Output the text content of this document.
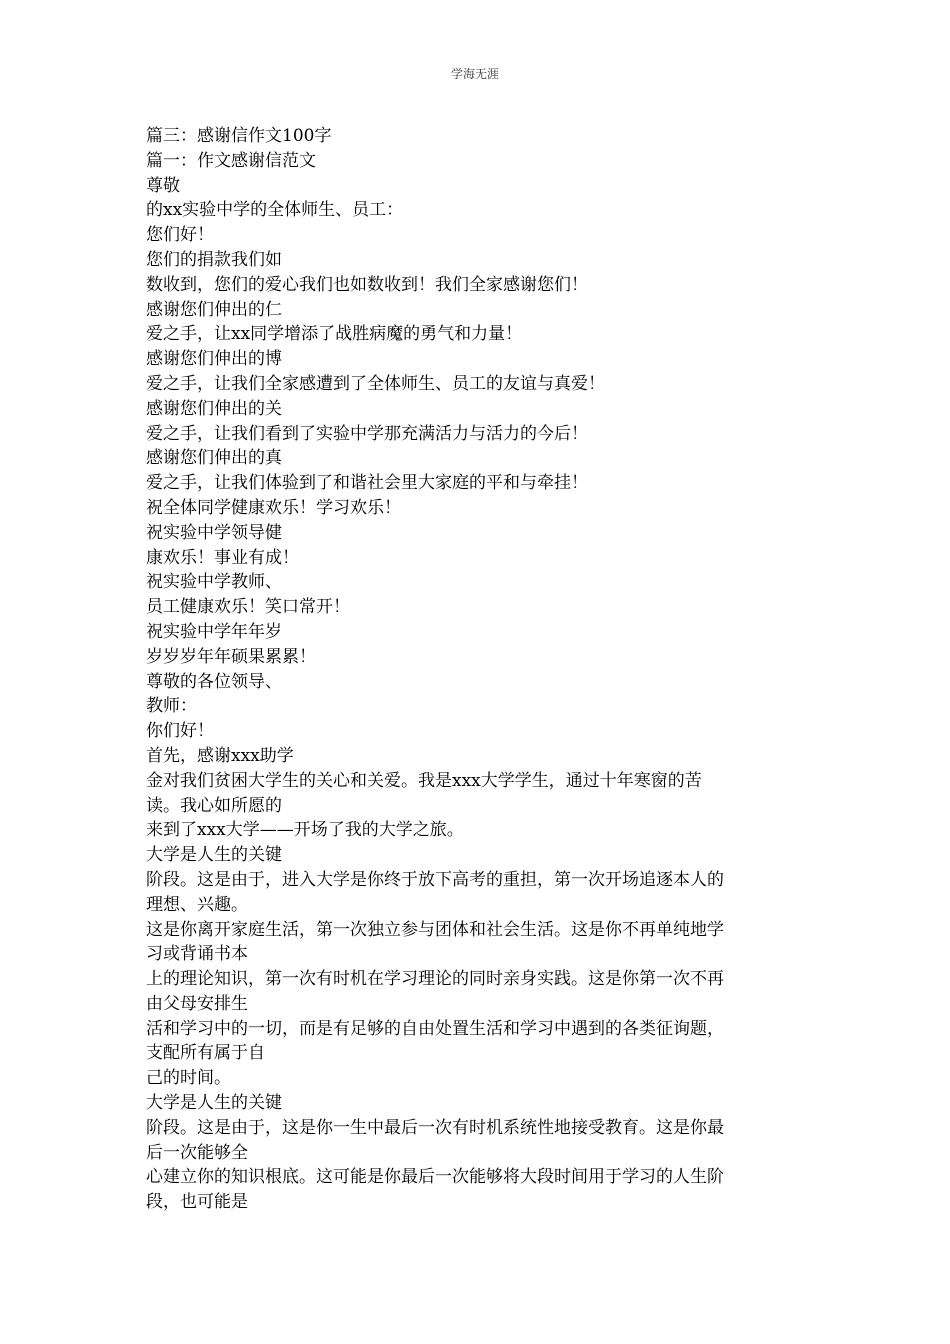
学海无涯
篇三：感谢信作文100字
篇一：作文感谢信范文
尊敬
的xx实验中学的全体师生、员工：
您们好！
您们的捐款我们如
数收到，您们的爱心我们也如数收到！我们全家感谢您们！
感谢您们伸出的仁
爱之手，让xx同学增添了战胜病魔的勇气和力量！
感谢您们伸出的博
爱之手，让我们全家感遭到了全体师生、员工的友谊与真爱！
感谢您们伸出的关
爱之手，让我们看到了实验中学那充满活力与活力的今后！
感谢您们伸出的真
爱之手，让我们体验到了和谐社会里大家庭的平和与牵挂！
祝全体同学健康欢乐！学习欢乐！
祝实验中学领导健
康欢乐！事业有成！
祝实验中学教师、
员工健康欢乐！笑口常开！
祝实验中学年年岁
岁岁岁年年硕果累累！
尊敬的各位领导、
教师：
你们好！
首先，感谢xxx助学
金对我们贫困大学生的关心和关爱。我是xxx大学学生，通过十年寒窗的苦
读。我心如所愿的
来到了xxx大学——开场了我的大学之旅。
大学是人生的关键
阶段。这是由于，进入大学是你终于放下高考的重担，第一次开场追逐本人的
理想、兴趣。
这是你离开家庭生活，第一次独立参与团体和社会生活。这是你不再单纯地学
习或背诵书本
上的理论知识，第一次有时机在学习理论的同时亲身实践。这是你第一次不再
由父母安排生
活和学习中的一切，而是有足够的自由处置生活和学习中遇到的各类征询题，
支配所有属于自
己的时间。
大学是人生的关键
阶段。这是由于，这是你一生中最后一次有时机系统性地接受教育。这是你最
后一次能够全
心建立你的知识根底。这可能是你最后一次能够将大段时间用于学习的人生阶
段，也可能是
